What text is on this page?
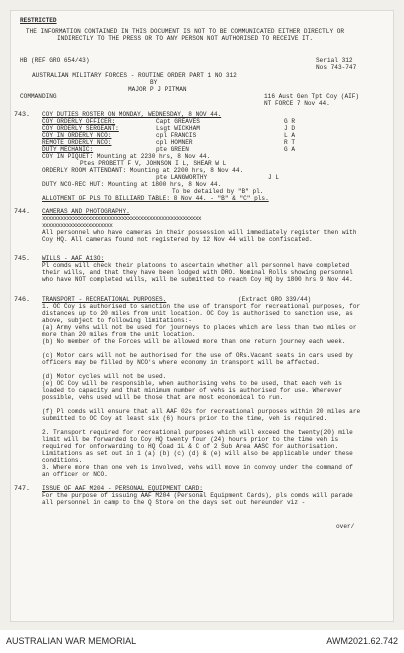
RESTRICTED
THE INFORMATION CONTAINED IN THIS DOCUMENT IS NOT TO BE COMMUNICATED EITHER DIRECTLY OR INDIRECTLY TO THE PRESS OR TO ANY PERSON NOT AUTHORISED TO RECEIVE IT.
HB (REF GRO 654/43)	Serial 312
Nos 743-747
AUSTRALIAN MILITARY FORCES - ROUTINE ORDER PART 1 NO 312
BY
MAJOR P J PITMAN
COMMANDING	116 Aust Gen Tpt Coy (AIF)
NT FORCE 7 Nov 44.
743. COY DUTIES ROSTER ON MONDAY, WEDNESDAY, 8 NOV 44.
COY ORDERLY OFFICER:	Capt GREAVES	G R
COY ORDERLY SERGEANT:	Lsgt WICKHAM	J D
COY IN ORDERLY NCO:	cpl FRANCIS	L A
REMOTE ORDERLY NCO:	cpl HOMNER	R T
DUTY MECHANIC:	pte GREEN	G A
COY IN PIQUET: Mounting at 2230 hrs, 8 Nov 44.
Ptes PROBETT F V, JOHNSON I L, SHEAR W L
ORDERLY ROOM ATTENDANT: Mounting at 2200 hrs, 8 Nov 44.
pte LANGWORTHY	J L
DUTY NCO-REC HUT: Mounting at 1800 hrs, 8 Nov 44.
To be detailed by "B" pl.
ALLOTMENT OF PLS TO BILLIARD TABLE: 8 Nov 44. - "B" & "C" pls.
744. CAMERAS AND PHOTOGRAPHY.
xxxxxxxxxxxxxxxxxxxxxxxxxxxxxxxxxxxxxxxxxxxxxxxxxxxx
xxxxxxxxxxxxxxxxxxxxxxx
All personnel who have cameras in their possession will immediately register then with Coy HQ. All cameras found not registered by 12 Nov 44 will be confiscated.
745. WILLS - AAF A13O:
Pl comds will check their platoons to ascertain whether all personnel have completed their wills, and that they have been lodged with DRO. Nominal Rolls showing personnel who have NOT completed wills, will be submitted to reach Coy HQ by 1800 hrs 9 Nov 44.
746. TRANSPORT - RECREATIONAL PURPOSES.	(Extract GRO 339/44)
1. OC Coy is authorised to sanction the use of transport for recreational purposes, for distances up to 20 miles from unit location. OC Coy is authorised to sanction use, as above, subject to following limitations:-
(a) Army vehs will not be used for journeys to places which are less than two miles or more than 20 miles from the unit location.
(b) No member of the Forces will be allowed more than one return journey each week.
(c) Motor cars will not be authorised for the use of ORs.Vacant seats in cars used by officers may be filled by NCO's where economy in transport will be affected.
(d) Motor cycles will not be used.
(e) OC Coy will be responsible, when authorising vehs to be used, that each veh is loaded to capacity and that minimum number of vehs is authorised for use. Wherever possible, vehs used will be those that are most economical to run.
(f) Pl comds will ensure that all AAF 02s for recreational purposes within 20 miles are submitted to OC Coy at least six (6) hours prior to the time, veh is required.
2. Transport required for recreational purposes which will exceed the twenty(20) mile limit will be forwarded to Coy HQ twenty four (24) hours prior to the time veh is required for onforwarding to HQ Coad 1L & C of 2 Sub Area AASC for authorisation. Limitations as set out in 1 (a) (b) (c) (d) & (e) will also be applicable under these conditions.
3. Where more than one veh is involved, vehs will move in convoy under the command of an officer or NCO.
747. ISSUE OF AAF M204 - PERSONAL EQUIPMENT CARD:
For the purpose of issuing AAF M204 (Personal Equipment Cards), pls comds will parade all personnel in camp to the Q Store on the days set out hereunder viz -
over/
AUSTRALIAN WAR MEMORIAL	AWM2021.62.742
